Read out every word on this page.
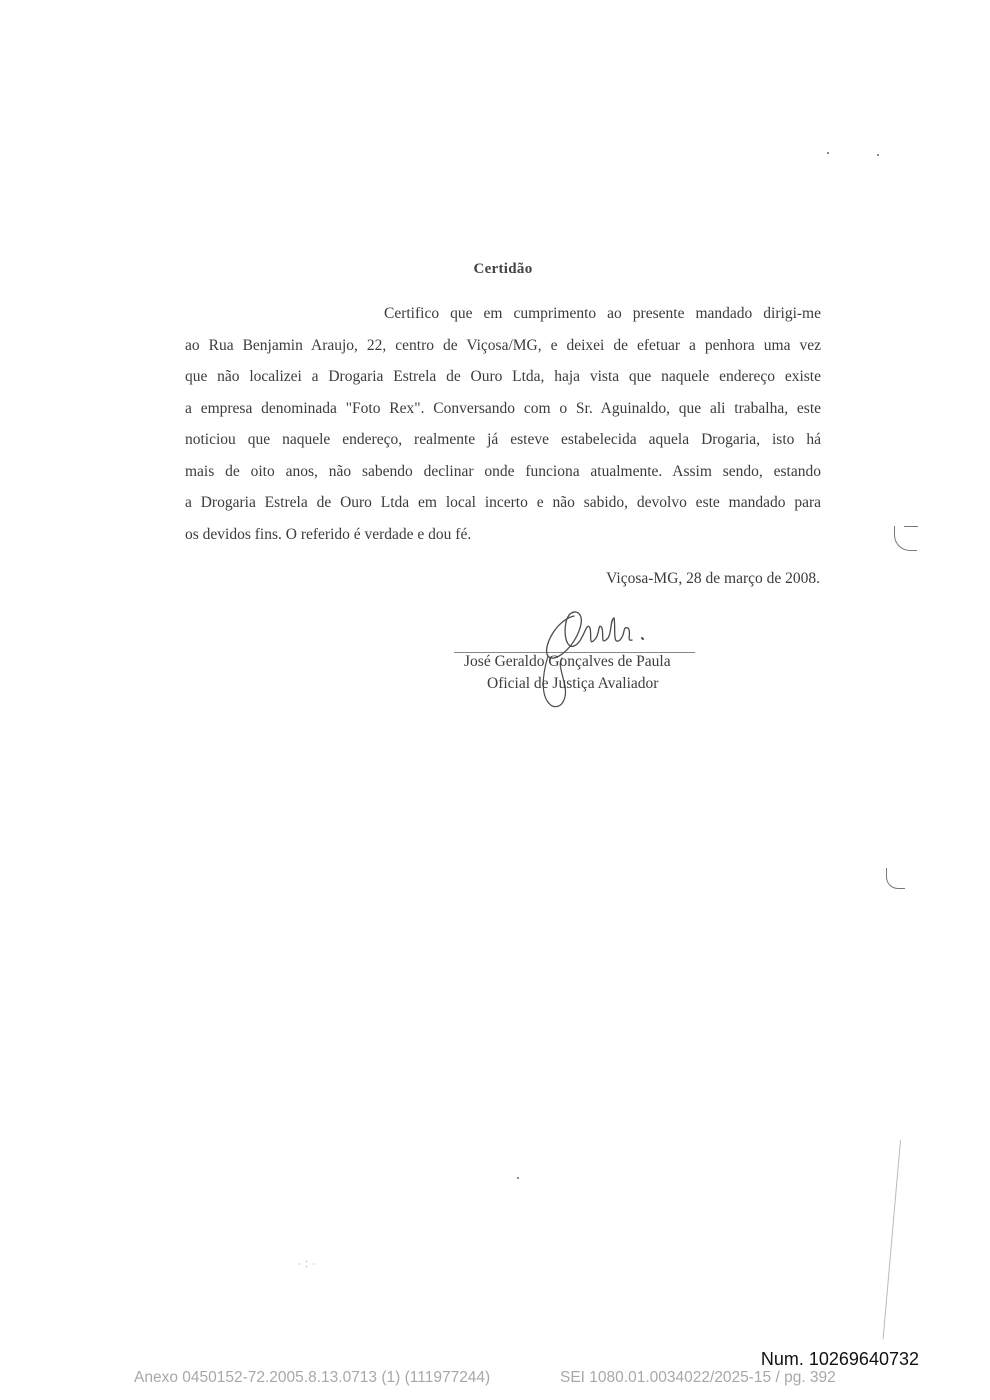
Certidão
Certifico que em cumprimento ao presente mandado dirigi-me
ao Rua Benjamin Araujo, 22, centro de Viçosa/MG, e deixei de efetuar a penhora uma vez
que não localizei a Drogaria Estrela de Ouro Ltda, haja vista que naquele endereço existe
a empresa denominada "Foto Rex". Conversando com o Sr. Aguinaldo, que ali trabalha, este
noticiou que naquele endereço, realmente já esteve estabelecida aquela Drogaria, isto há
mais de oito anos, não sabendo declinar onde funciona atualmente. Assim sendo, estando
a Drogaria Estrela de Ouro Ltda em local incerto e não sabido, devolvo este mandado para
os devidos fins. O referido é verdade e dou fé.
Viçosa-MG, 28 de março de 2008.
José Geraldo Gonçalves de Paula
Oficial de Justiça Avaliador
· ⁚ ·
Num. 10269640732
Anexo 0450152-72.2005.8.13.0713 (1) (111977244)	SEI 1080.01.0034022/2025-15 / pg. 392
